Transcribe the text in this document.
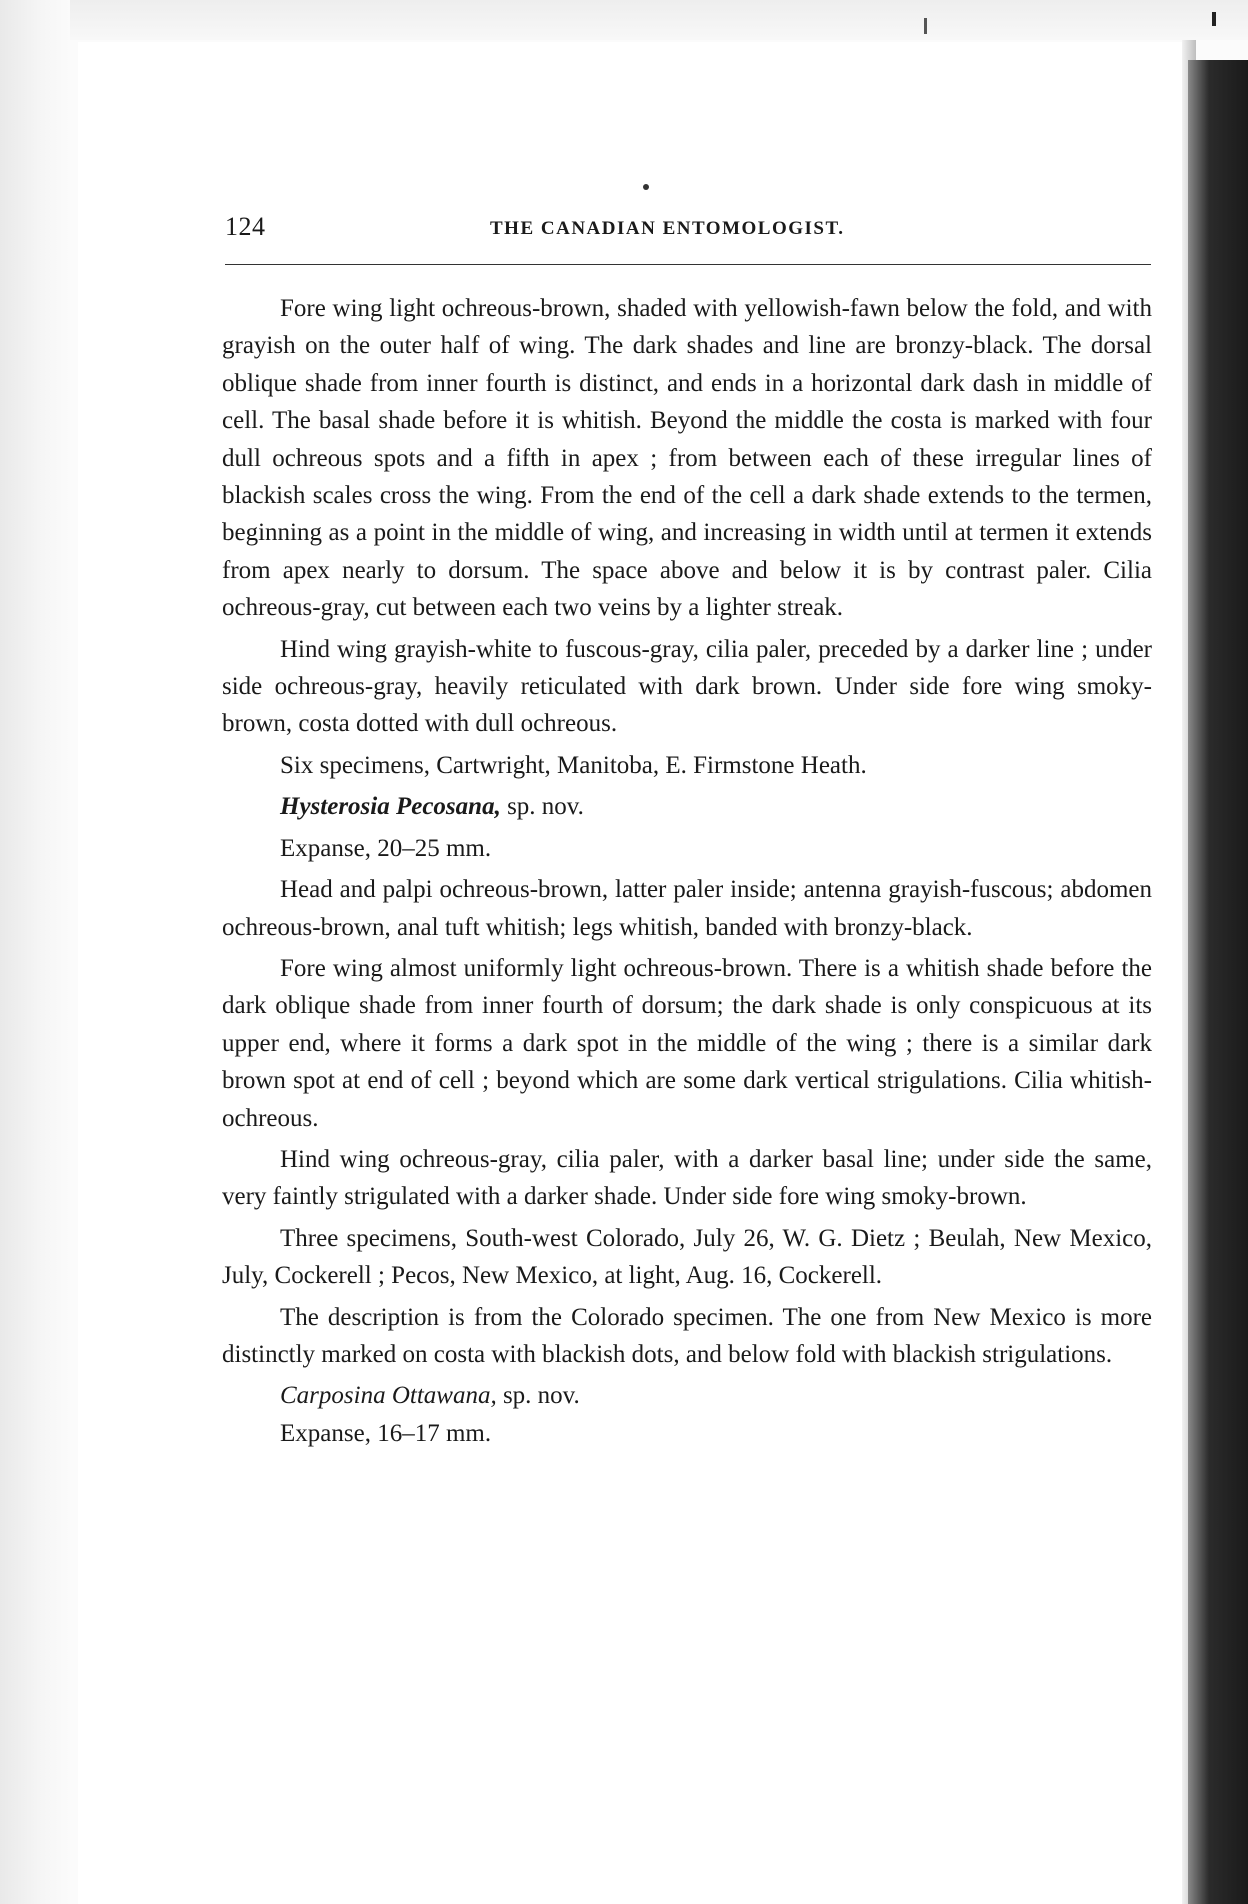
124	THE CANADIAN ENTOMOLOGIST.

Fore wing light ochreous-brown, shaded with yellowish-fawn below the fold, and with grayish on the outer half of wing. The dark shades and line are bronzy-black. The dorsal oblique shade from inner fourth is distinct, and ends in a horizontal dark dash in middle of cell. The basal shade before it is whitish. Beyond the middle the costa is marked with four dull ochreous spots and a fifth in apex ; from between each of these irregular lines of blackish scales cross the wing. From the end of the cell a dark shade extends to the termen, beginning as a point in the middle of wing, and increasing in width until at termen it extends from apex nearly to dorsum. The space above and below it is by contrast paler. Cilia ochreous-gray, cut between each two veins by a lighter streak.

Hind wing grayish-white to fuscous-gray, cilia paler, preceded by a darker line ; under side ochreous-gray, heavily reticulated with dark brown. Under side fore wing smoky-brown, costa dotted with dull ochreous.

Six specimens, Cartwright, Manitoba, E. Firmstone Heath.

Hysterosia Pecosana, sp. nov.

Expanse, 20–25 mm.

Head and palpi ochreous-brown, latter paler inside; antenna grayish-fuscous; abdomen ochreous-brown, anal tuft whitish; legs whitish, banded with bronzy-black.

Fore wing almost uniformly light ochreous-brown. There is a whitish shade before the dark oblique shade from inner fourth of dorsum; the dark shade is only conspicuous at its upper end, where it forms a dark spot in the middle of the wing ; there is a similar dark brown spot at end of cell ; beyond which are some dark vertical strigulations. Cilia whitish-ochreous.

Hind wing ochreous-gray, cilia paler, with a darker basal line; under side the same, very faintly strigulated with a darker shade. Under side fore wing smoky-brown.

Three specimens, South-west Colorado, July 26, W. G. Dietz ; Beulah, New Mexico, July, Cockerell ; Pecos, New Mexico, at light, Aug. 16, Cockerell.

The description is from the Colorado specimen. The one from New Mexico is more distinctly marked on costa with blackish dots, and below fold with blackish strigulations.

Carposina Ottawana, sp. nov.

Expanse, 16–17 mm.
